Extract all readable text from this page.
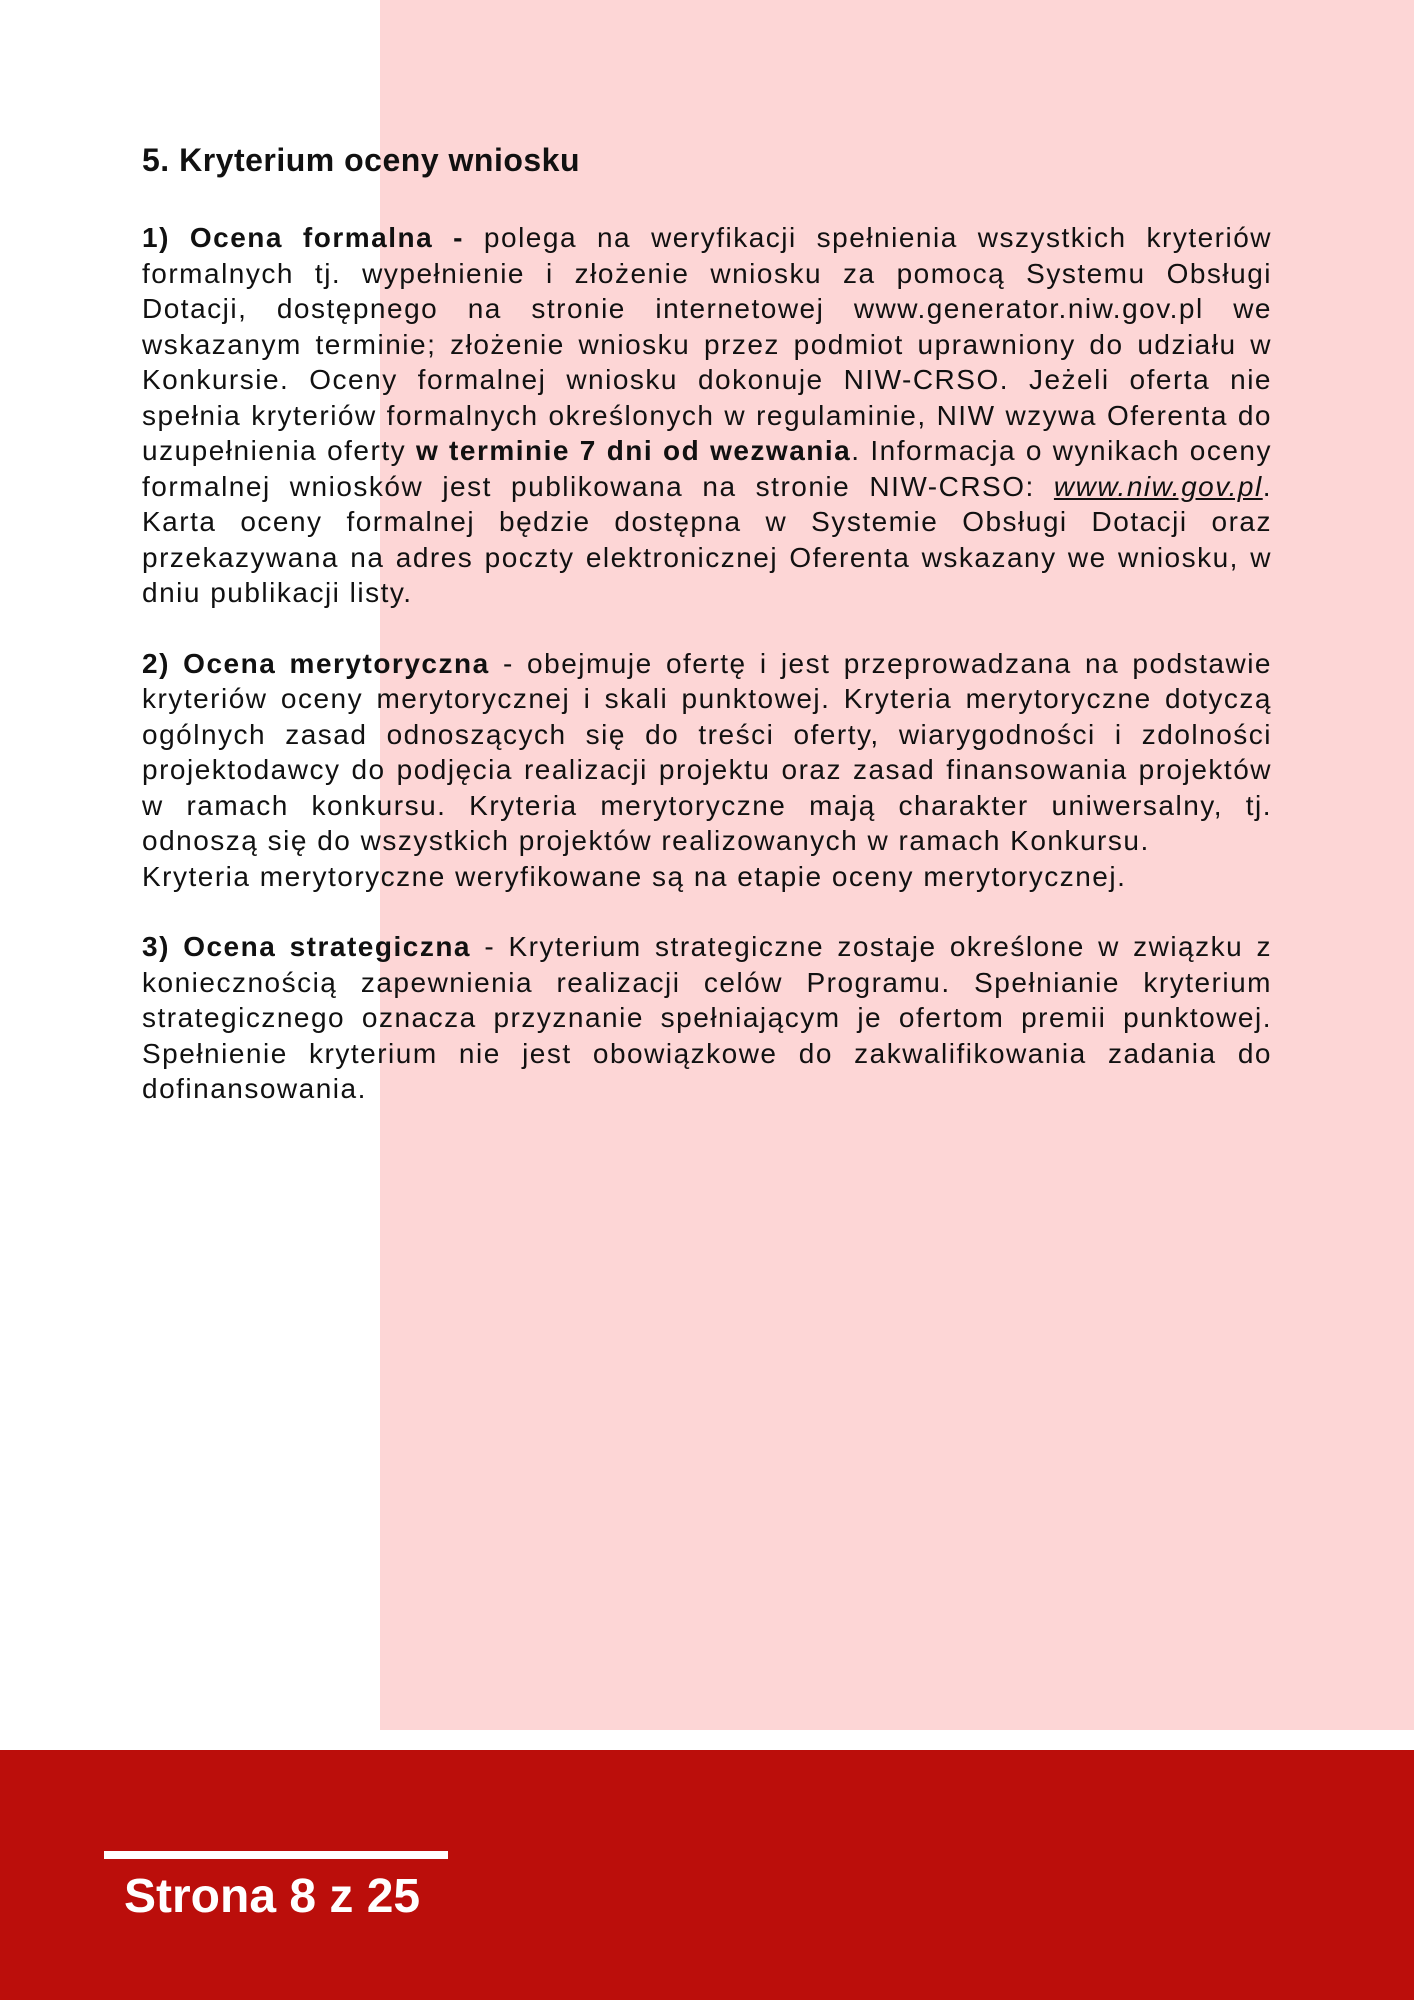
5. Kryterium oceny wniosku

1) Ocena formalna - polega na weryfikacji spełnienia wszystkich kryteriów formalnych tj. wypełnienie i złożenie wniosku za pomocą Systemu Obsługi Dotacji, dostępnego na stronie internetowej www.generator.niw.gov.pl we wskazanym terminie; złożenie wniosku przez podmiot uprawniony do udziału w Konkursie. Oceny formalnej wniosku dokonuje NIW-CRSO. Jeżeli oferta nie spełnia kryteriów formalnych określonych w regulaminie, NIW wzywa Oferenta do uzupełnienia oferty w terminie 7 dni od wezwania. Informacja o wynikach oceny formalnej wniosków jest publikowana na stronie NIW-CRSO: www.niw.gov.pl. Karta oceny formalnej będzie dostępna w Systemie Obsługi Dotacji oraz przekazywana na adres poczty elektronicznej Oferenta wskazany we wniosku, w dniu publikacji listy.

2) Ocena merytoryczna - obejmuje ofertę i jest przeprowadzana na podstawie kryteriów oceny merytorycznej i skali punktowej. Kryteria merytoryczne dotyczą ogólnych zasad odnoszących się do treści oferty, wiarygodności i zdolności projektodawcy do podjęcia realizacji projektu oraz zasad finansowania projektów w ramach konkursu. Kryteria merytoryczne mają charakter uniwersalny, tj. odnoszą się do wszystkich projektów realizowanych w ramach Konkursu.
Kryteria merytoryczne weryfikowane są na etapie oceny merytorycznej.

3) Ocena strategiczna - Kryterium strategiczne zostaje określone w związku z koniecznością zapewnienia realizacji celów Programu. Spełnianie kryterium strategicznego oznacza przyznanie spełniającym je ofertom premii punktowej. Spełnienie kryterium nie jest obowiązkowe do zakwalifikowania zadania do dofinansowania.

Strona 8 z 25
